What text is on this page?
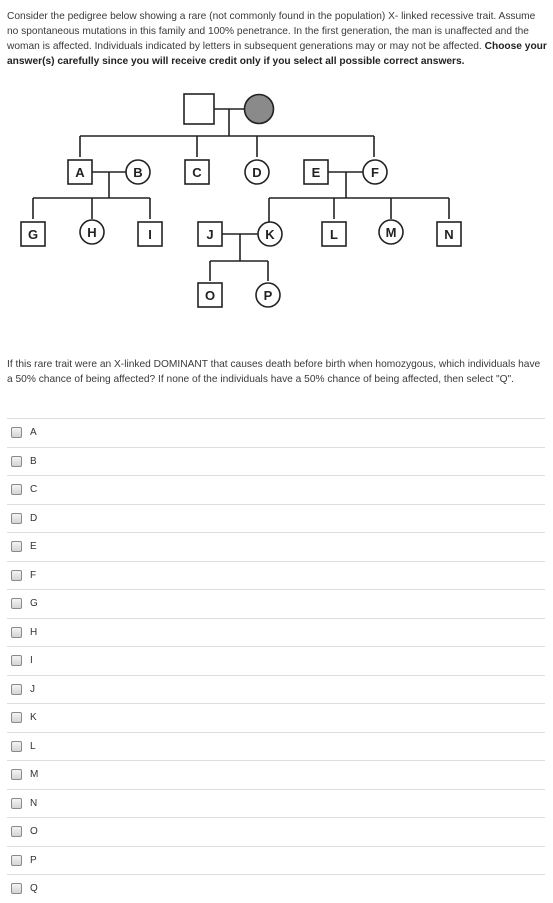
Consider the pedigree below showing a rare (not commonly found in the population) X- linked recessive trait. Assume no spontaneous mutations in this family and 100% penetrance. In the first generation, the man is unaffected and the woman is affected. Individuals indicated by letters in subsequent generations may or may not be affected. Choose your answer(s) carefully since you will receive credit only if you select all possible correct answers.
A	B	C	D	E	F
G	H	I	J	K	L	M	N
O	P
If this rare trait were an X-linked DOMINANT that causes death before birth when homozygous, which individuals have a 50% chance of being affected? If none of the individuals have a 50% chance of being affected, then select "Q".
A
B
C
D
E
F
G
H
I
J
K
L
M
N
O
P
Q
